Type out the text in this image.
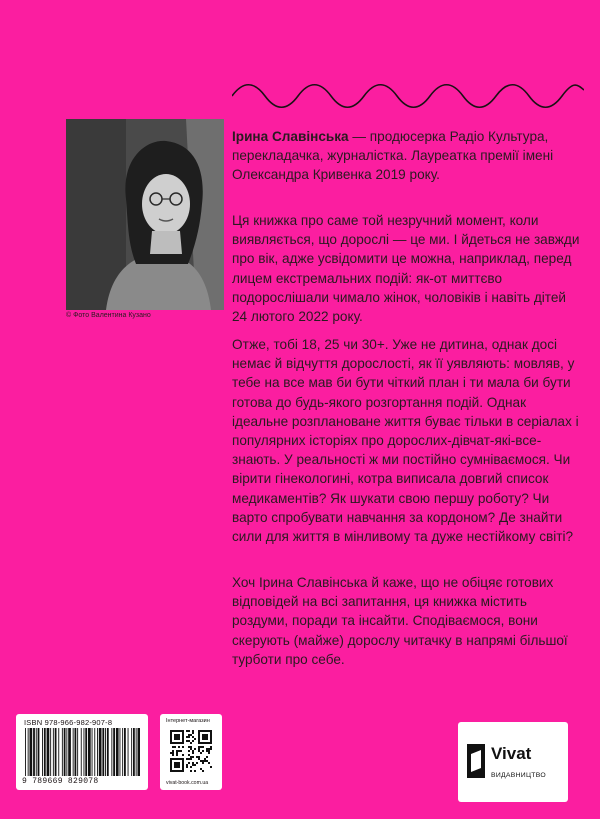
© Фото Валентина Кузано

Ірина Славінська — продюсерка Радіо Культура, перекладачка, журналістка. Лауреатка премії імені Олександра Кривенка 2019 року.

Ця книжка про саме той незручний момент, коли виявляється, що дорослі — це ми. І йдеться не завжди про вік, адже усвідомити це можна, наприклад, перед лицем екстремальних подій: як-от миттєво подорослішали чимало жінок, чоловіків і навіть дітей 24 лютого 2022 року.

Отже, тобі 18, 25 чи 30+. Уже не дитина, однак досі немає й відчуття дорослості, як її уявляють: мовляв, у тебе на все мав би бути чіткий план і ти мала би бути готова до будь-якого розгортання подій. Однак ідеальне розплановане життя буває тільки в серіалах і популярних історіях про дорослих-дівчат-які-все-знають. У реальності ж ми постійно сумніваємося. Чи вірити гінекологині, котра виписала довгий список медикаментів? Як шукати свою першу роботу? Чи варто спробувати навчання за кордоном? Де знайти сили для життя в мінливому та дуже нестійкому світі?

Хоч Ірина Славінська й каже, що не обіцяє готових відповідей на всі запитання, ця книжка містить роздуми, поради та інсайти. Сподіваємося, вони скерують (майже) дорослу читачку в напрямі більшої турботи про себе.

ISBN 978-966-982-907-8
9 789669 829078
Інтернет-магазин
vivat-book.com.ua
Vivat
ВИДАВНИЦТВО
